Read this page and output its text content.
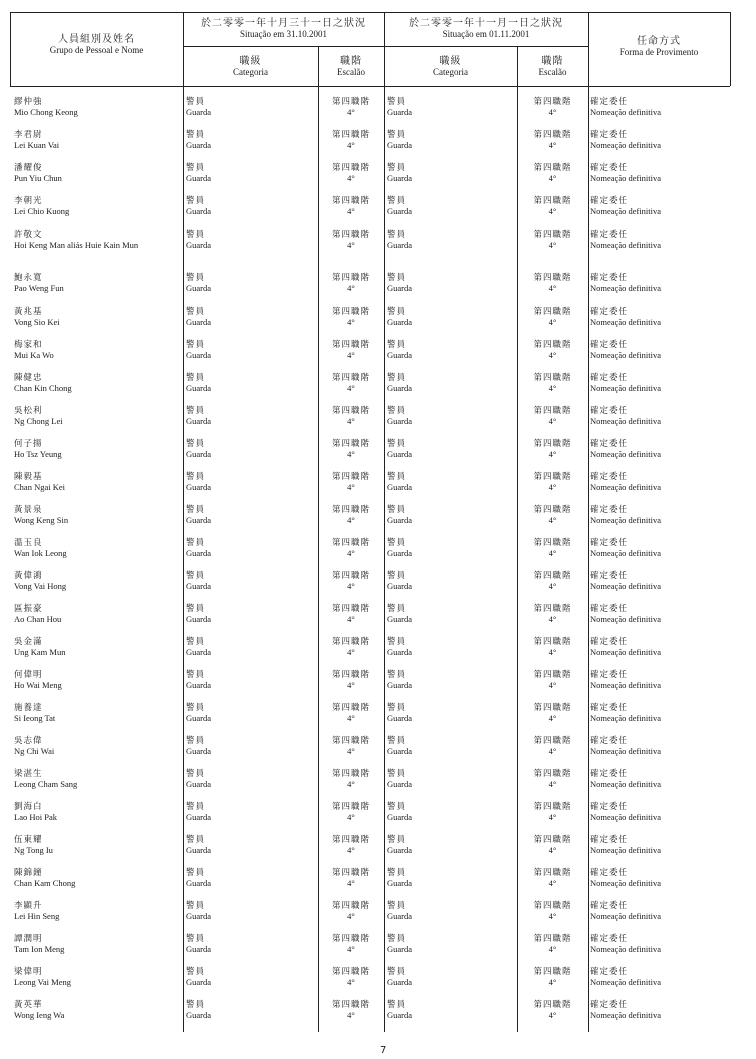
人員組別及姓名
Grupo de Pessoal e Nome
於二零零一年十月三十一日之狀況
Situação em 31.10.2001
於二零零一年十一月一日之狀況
Situação em 01.11.2001
職級
Categoria
職階
Escalão
職級
Categoria
職階
Escalão
任命方式
Forma de Provimento
繆仲強
Mio Chong Keong
警員
Guarda
第四職階
4°
警員
Guarda
第四職階
4°
確定委任
Nomeação definitiva
李君尉
Lei Kuan Vai
警員
Guarda
第四職階
4°
警員
Guarda
第四職階
4°
確定委任
Nomeação definitiva
潘耀俊
Pun Yiu Chun
警員
Guarda
第四職階
4°
警員
Guarda
第四職階
4°
確定委任
Nomeação definitiva
李朝光
Lei Chio Kuong
警員
Guarda
第四職階
4°
警員
Guarda
第四職階
4°
確定委任
Nomeação definitiva
許敬文
Hoi Keng Man aliás Huie Kain Mun
警員
Guarda
第四職階
4°
警員
Guarda
第四職階
4°
確定委任
Nomeação definitiva
鮑永寬
Pao Weng Fun
警員
Guarda
第四職階
4°
警員
Guarda
第四職階
4°
確定委任
Nomeação definitiva
黃兆基
Vong Sio Kei
警員
Guarda
第四職階
4°
警員
Guarda
第四職階
4°
確定委任
Nomeação definitiva
梅家和
Mui Ka Wo
警員
Guarda
第四職階
4°
警員
Guarda
第四職階
4°
確定委任
Nomeação definitiva
陳健忠
Chan Kin Chong
警員
Guarda
第四職階
4°
警員
Guarda
第四職階
4°
確定委任
Nomeação definitiva
吳松利
Ng Chong Lei
警員
Guarda
第四職階
4°
警員
Guarda
第四職階
4°
確定委任
Nomeação definitiva
何子揚
Ho Tsz Yeung
警員
Guarda
第四職階
4°
警員
Guarda
第四職階
4°
確定委任
Nomeação definitiva
陳毅基
Chan Ngai Kei
警員
Guarda
第四職階
4°
警員
Guarda
第四職階
4°
確定委任
Nomeação definitiva
黃景泉
Wong Keng Sin
警員
Guarda
第四職階
4°
警員
Guarda
第四職階
4°
確定委任
Nomeação definitiva
溫玉良
Wan Iok Leong
警員
Guarda
第四職階
4°
警員
Guarda
第四職階
4°
確定委任
Nomeação definitiva
黃偉鴻
Vong Vai Hong
警員
Guarda
第四職階
4°
警員
Guarda
第四職階
4°
確定委任
Nomeação definitiva
區振豪
Ao Chan Hou
警員
Guarda
第四職階
4°
警員
Guarda
第四職階
4°
確定委任
Nomeação definitiva
吳金滿
Ung Kam Mun
警員
Guarda
第四職階
4°
警員
Guarda
第四職階
4°
確定委任
Nomeação definitiva
何偉明
Ho Wai Meng
警員
Guarda
第四職階
4°
警員
Guarda
第四職階
4°
確定委任
Nomeação definitiva
施養達
Si Ieong Tat
警員
Guarda
第四職階
4°
警員
Guarda
第四職階
4°
確定委任
Nomeação definitiva
吳志偉
Ng Chi Wai
警員
Guarda
第四職階
4°
警員
Guarda
第四職階
4°
確定委任
Nomeação definitiva
梁湛生
Leong Cham Sang
警員
Guarda
第四職階
4°
警員
Guarda
第四職階
4°
確定委任
Nomeação definitiva
劉海白
Lao Hoi Pak
警員
Guarda
第四職階
4°
警員
Guarda
第四職階
4°
確定委任
Nomeação definitiva
伍東耀
Ng Tong Iu
警員
Guarda
第四職階
4°
警員
Guarda
第四職階
4°
確定委任
Nomeação definitiva
陳錦鐘
Chan Kam Chong
警員
Guarda
第四職階
4°
警員
Guarda
第四職階
4°
確定委任
Nomeação definitiva
李顯升
Lei Hin Seng
警員
Guarda
第四職階
4°
警員
Guarda
第四職階
4°
確定委任
Nomeação definitiva
譚潤明
Tam Ion Meng
警員
Guarda
第四職階
4°
警員
Guarda
第四職階
4°
確定委任
Nomeação definitiva
梁偉明
Leong Vai Meng
警員
Guarda
第四職階
4°
警員
Guarda
第四職階
4°
確定委任
Nomeação definitiva
黃英華
Wong Ieng Wa
警員
Guarda
第四職階
4°
警員
Guarda
第四職階
4°
確定委任
Nomeação definitiva
7
